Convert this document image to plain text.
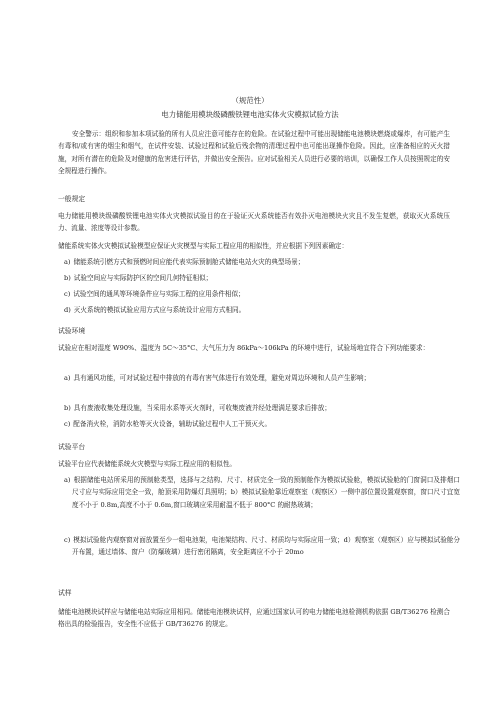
（规范性）
电力储能用模块级磷酸铁锂电池实体火灾模拟试验方法
安全警示：组织和参加本项试验的所有人员应注意可能存在的危险。在试验过程中可能出现储能电池模块燃烧或爆炸，有可能产生有毒和/或有害的烟尘和烟气，在试件安装、试验过程和试验后残余物的清理过程中也可能出现操作危险。因此，应准备相应的灭火措施，对所有潜在的危险及对健康的危害进行评估，并做出安全预告。应对试验相关人员进行必要的培训，以确保工作人员按照规定的安全规程进行操作。
一般规定
电力储能用模块级磷酸铁锂电池实体火灾模拟试验目的在于验证灭火系统能否有效扑灭电池模块火灾且不发生复燃，获取灭火系统压力、流量、浓度等设计参数。
储能系统实体火灾模拟试验模型应保证火灾模型与实际工程应用的相似性，并应根据下列因素确定：
a) 储能系统引燃方式和预燃时间应能代表实际预制舱式储能电站火灾的典型场景；
b) 试验空间应与实际防护区的空间几何特征相似；
c) 试验空间的通风等环境条件应与实际工程的应用条件相似；
d) 灭火系统的模拟试验应用方式应与系统设计应用方式相同。
试验环境
试验应在相对湿度 W90%、温度为 5C〜35°C、大气压力为 86kPa〜106kPa 的环境中进行，试验场地宜符合下列功能要求：
a) 具有通风功能，可对试验过程中排放的有毒有害气体进行有效处理，避免对周边环境和人员产生影响；
b) 具有废液收集处理设施，当采用水系等灭火剂时，可收集废液并经处理满足要求后排放；
c) 配备消火栓，消防水枪等灭火设备，辅助试验过程中人工干预灭火。
试验平台
试验平台应代表储能系统火灾模型与实际工程应用的相似性。
a) 根据储能电站所采用的预制舱类型，选择与之结构、尺寸、材质完全一致的预制舱作为模拟试验舱，模拟试验舱的门窗洞口及排烟口尺寸应与实际应用完全一致，舱顶采用防爆灯具照明；b）模拟试验舱靠近观察室（观察区）一侧中部位置设置观察窗，窗口尺寸宜宽度不小于 0.8m,高度不小于 0.6m,窗口玻璃应采用耐温不低于 800°C 的耐热玻璃；
c) 模拟试验舱内观察窗对面放置至少一组电池架，电池架结构、尺寸、材质均与实际应用一致；d）观察室（观察区）应与模拟试验舱分开布置，通过墙体、窗户（防爆玻璃）进行密闭隔离，安全距离应不小于 20mo
试样
储能电池模块试样应与储能电站实际应用相同。储能电池模块试样，应通过国家认可的电力储能电池检测机构依据 GB/T36276 检测合格出具的检验报告，安全性不应低于 GB/T36276 的规定。
